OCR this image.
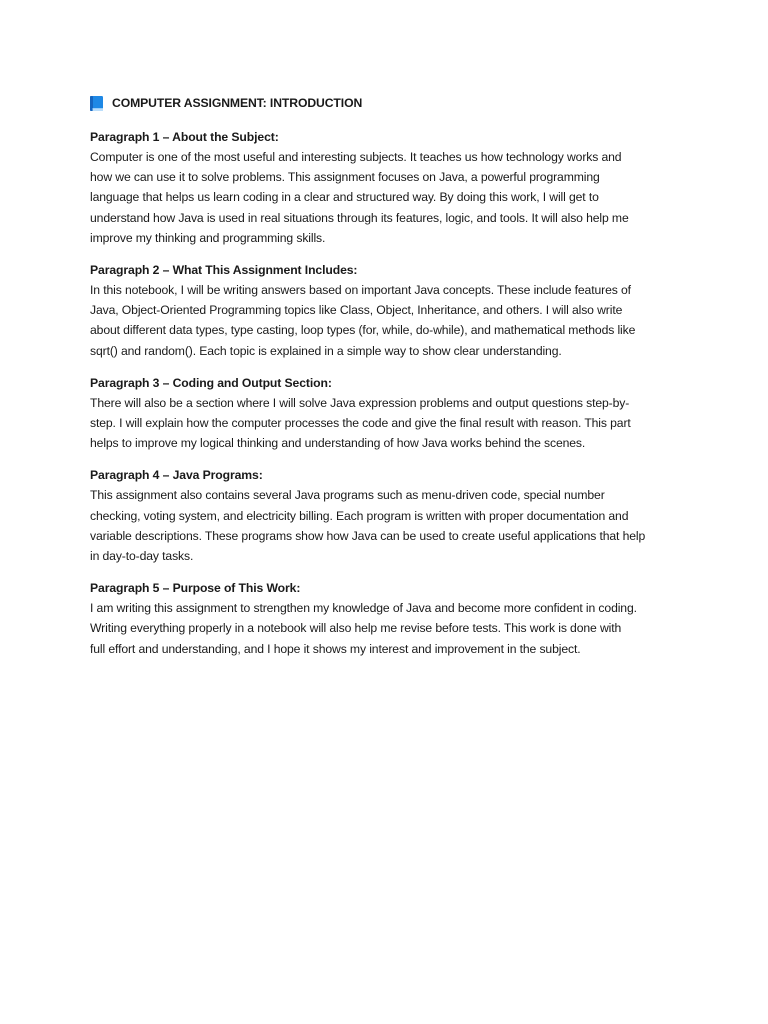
COMPUTER ASSIGNMENT: INTRODUCTION
Paragraph 1 – About the Subject:

Computer is one of the most useful and interesting subjects. It teaches us how technology works and
how we can use it to solve problems. This assignment focuses on Java, a powerful programming
language that helps us learn coding in a clear and structured way. By doing this work, I will get to
understand how Java is used in real situations through its features, logic, and tools. It will also help me
improve my thinking and programming skills.

Paragraph 2 – What This Assignment Includes:

In this notebook, I will be writing answers based on important Java concepts. These include features of
Java, Object-Oriented Programming topics like Class, Object, Inheritance, and others. I will also write
about different data types, type casting, loop types (for, while, do-while), and mathematical methods like
sqrt() and random(). Each topic is explained in a simple way to show clear understanding.

Paragraph 3 – Coding and Output Section:

There will also be a section where I will solve Java expression problems and output questions step-by-
step. I will explain how the computer processes the code and give the final result with reason. This part
helps to improve my logical thinking and understanding of how Java works behind the scenes.

Paragraph 4 – Java Programs:

This assignment also contains several Java programs such as menu-driven code, special number
checking, voting system, and electricity billing. Each program is written with proper documentation and
variable descriptions. These programs show how Java can be used to create useful applications that help
in day-to-day tasks.

Paragraph 5 – Purpose of This Work:

I am writing this assignment to strengthen my knowledge of Java and become more confident in coding.
Writing everything properly in a notebook will also help me revise before tests. This work is done with
full effort and understanding, and I hope it shows my interest and improvement in the subject.
